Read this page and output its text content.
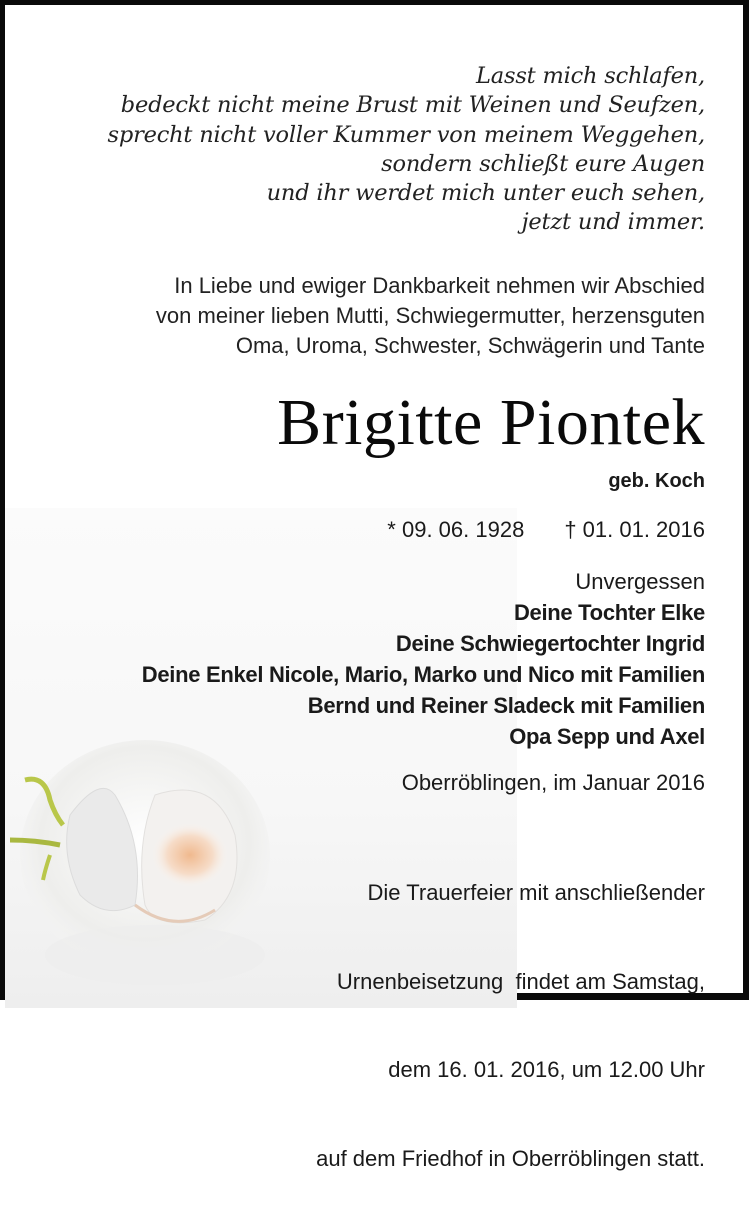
Lasst mich schlafen,
bedeckt nicht meine Brust mit Weinen und Seufzen,
sprecht nicht voller Kummer von meinem Weggehen,
sondern schließt eure Augen
und ihr werdet mich unter euch sehen,
jetzt und immer.
In Liebe und ewiger Dankbarkeit nehmen wir Abschied
von meiner lieben Mutti, Schwiegermutter, herzensguten
Oma, Uroma, Schwester, Schwägerin und Tante
Brigitte Piontek
geb. Koch
* 09. 06. 1928 † 01. 01. 2016
Unvergessen
Deine Tochter Elke
Deine Schwiegertochter Ingrid
Deine Enkel Nicole, Mario, Marko und Nico mit Familien
Bernd und Reiner Sladeck mit Familien
Opa Sepp und Axel
Oberröblingen, im Januar 2016

Die Trauerfeier mit anschließender

Urnenbeisetzung  findet am Samstag,

dem 16. 01. 2016, um 12.00 Uhr

auf dem Friedhof in Oberröblingen statt.
